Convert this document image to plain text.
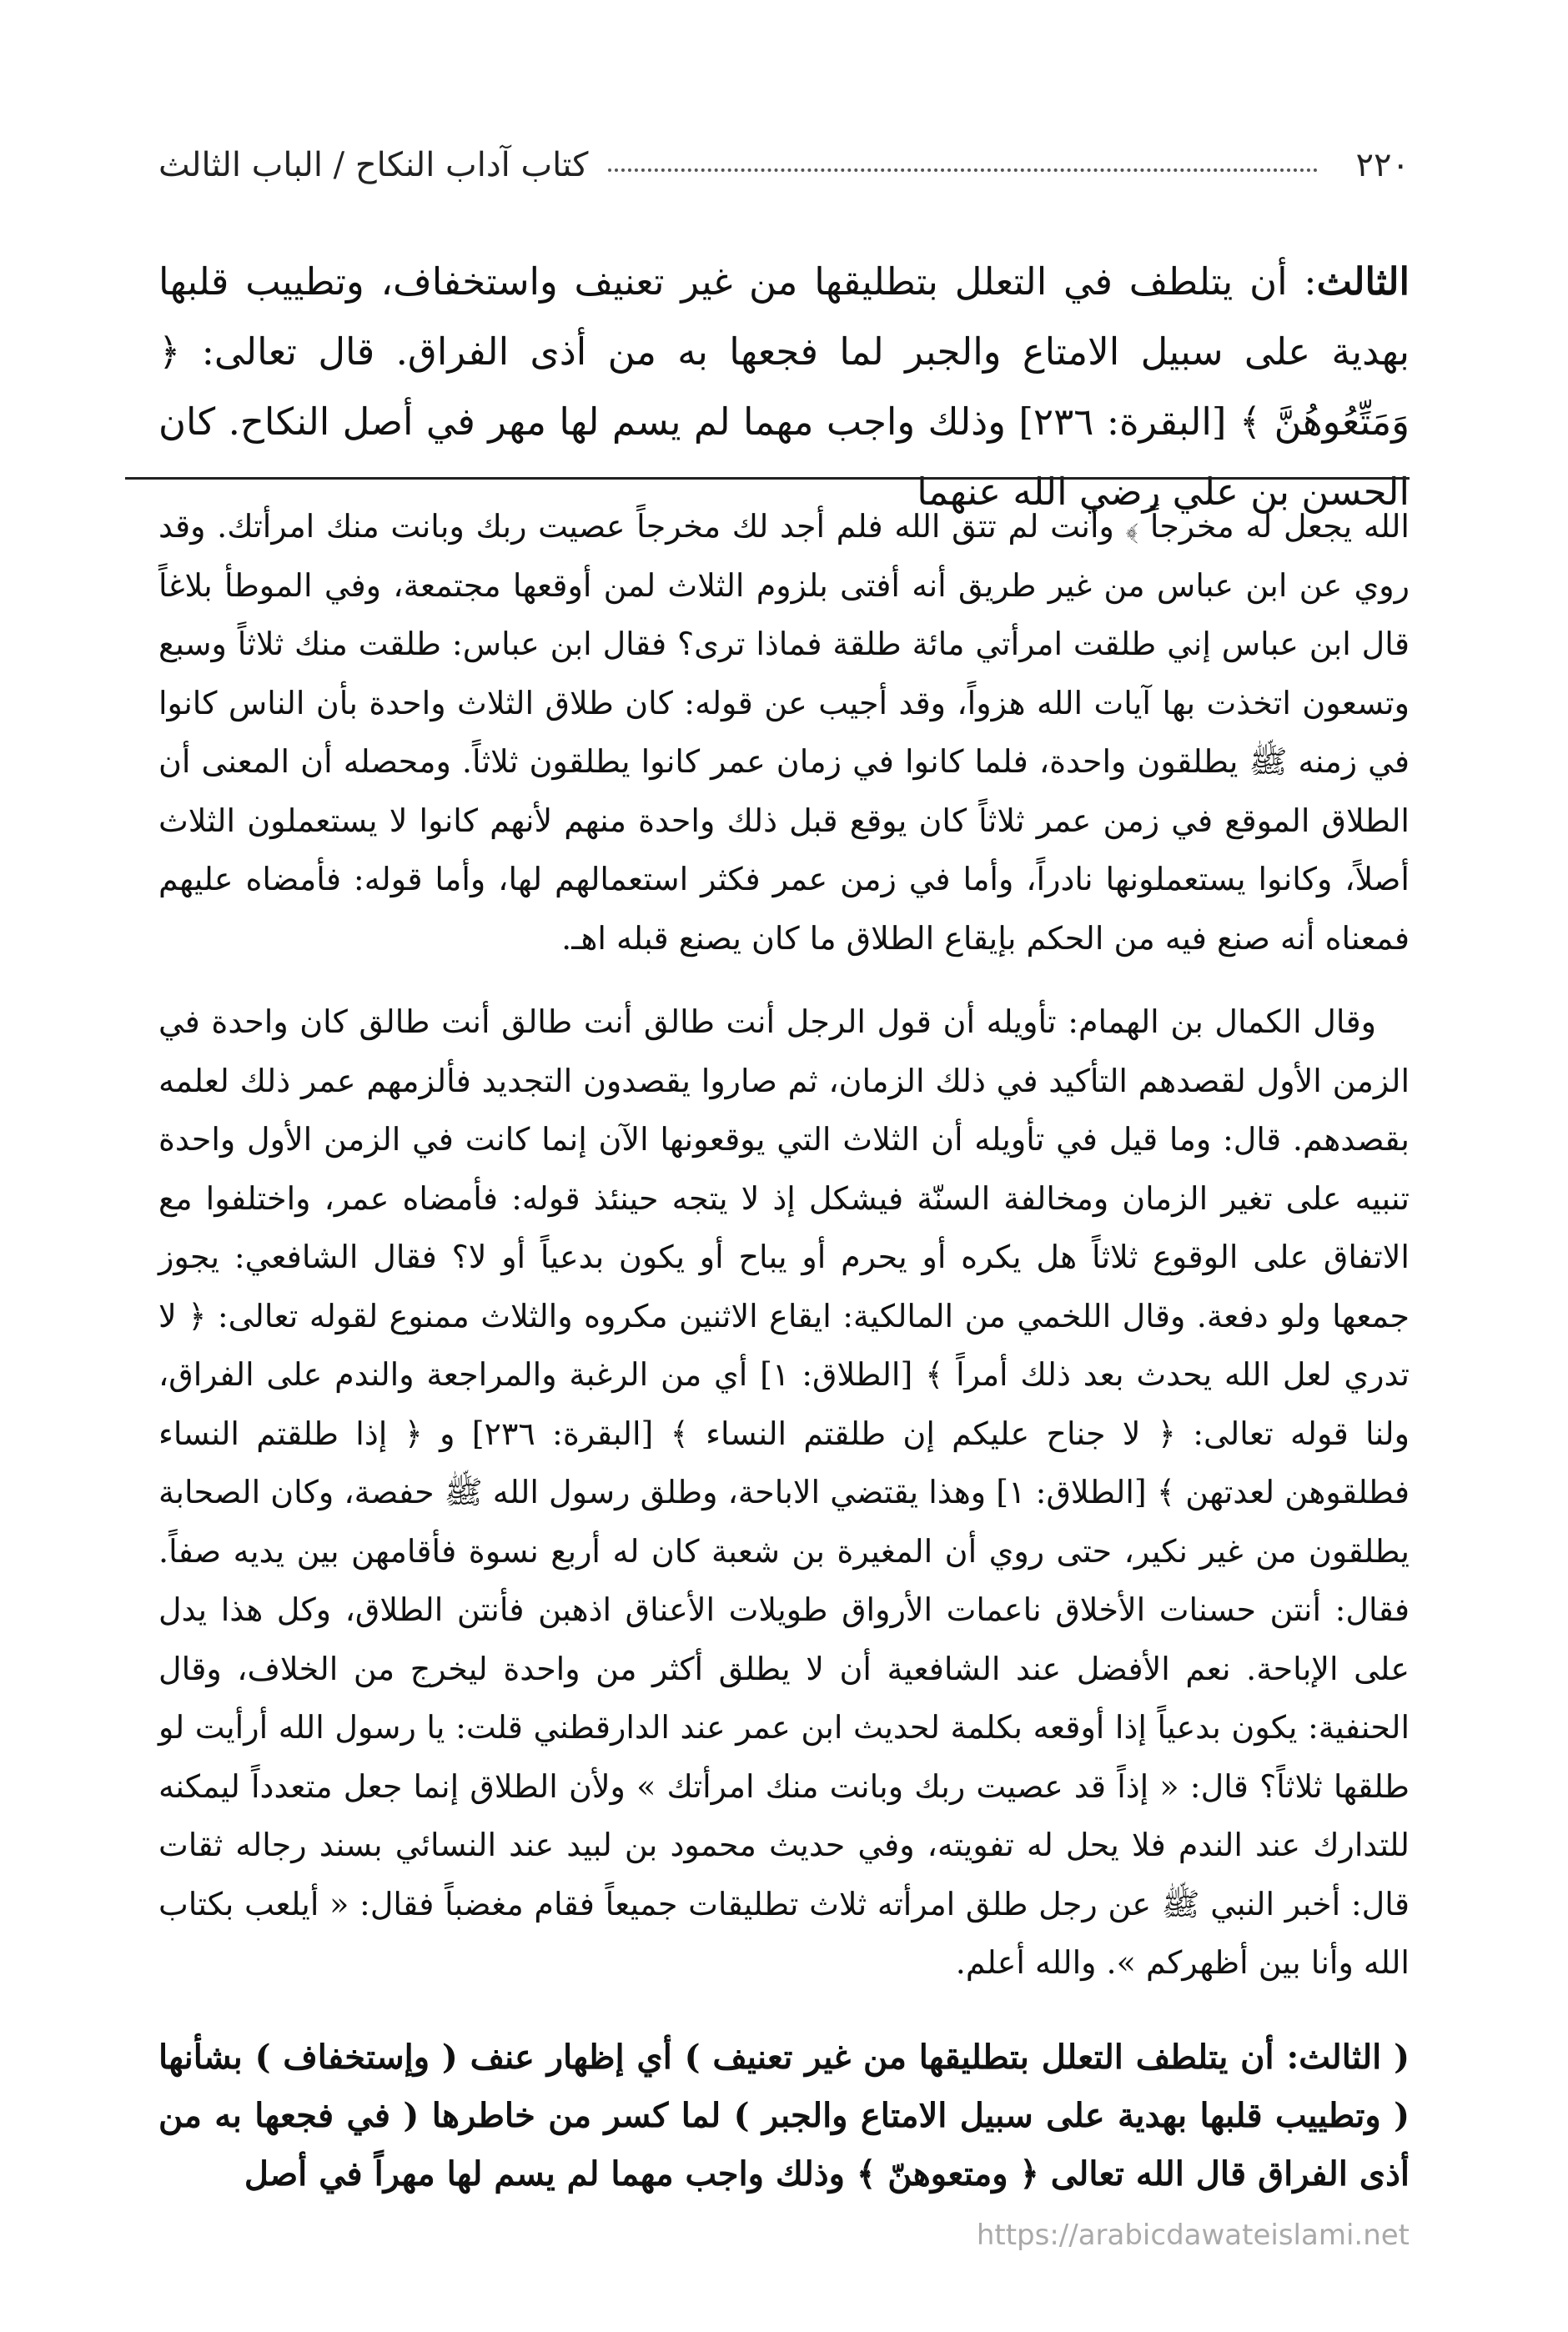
٢٢٠
كتاب آداب النكاح / الباب الثالث
الثالث: أن يتلطف في التعلل بتطليقها من غير تعنيف واستخفاف، وتطييب قلبها بهدية على سبيل الامتاع والجبر لما فجعها به من أذى الفراق. قال تعالى: ﴿ وَمَتِّعُوهُنَّ ﴾ [البقرة: ٢٣٦] وذلك واجب مهما لم يسم لها مهر في أصل النكاح. كان الحسن بن علي رضي الله عنهما
الله يجعل له مخرجاً ﴾ وأنت لم تتق الله فلم أجد لك مخرجاً عصيت ربك وبانت منك امرأتك. وقد روي عن ابن عباس من غير طريق أنه أفتى بلزوم الثلاث لمن أوقعها مجتمعة، وفي الموطأ بلاغاً قال ابن عباس إني طلقت امرأتي مائة طلقة فماذا ترى؟ فقال ابن عباس: طلقت منك ثلاثاً وسبع وتسعون اتخذت بها آيات الله هزواً، وقد أجيب عن قوله: كان طلاق الثلاث واحدة بأن الناس كانوا في زمنه ﷺ يطلقون واحدة، فلما كانوا في زمان عمر كانوا يطلقون ثلاثاً. ومحصله أن المعنى أن الطلاق الموقع في زمن عمر ثلاثاً كان يوقع قبل ذلك واحدة منهم لأنهم كانوا لا يستعملون الثلاث أصلاً، وكانوا يستعملونها نادراً، وأما في زمن عمر فكثر استعمالهم لها، وأما قوله: فأمضاه عليهم فمعناه أنه صنع فيه من الحكم بإيقاع الطلاق ما كان يصنع قبله اهـ.
وقال الكمال بن الهمام: تأويله أن قول الرجل أنت طالق أنت طالق أنت طالق كان واحدة في الزمن الأول لقصدهم التأكيد في ذلك الزمان، ثم صاروا يقصدون التجديد فألزمهم عمر ذلك لعلمه بقصدهم. قال: وما قيل في تأويله أن الثلاث التي يوقعونها الآن إنما كانت في الزمن الأول واحدة تنبيه على تغير الزمان ومخالفة السنّة فيشكل إذ لا يتجه حينئذ قوله: فأمضاه عمر، واختلفوا مع الاتفاق على الوقوع ثلاثاً هل يكره أو يحرم أو يباح أو يكون بدعياً أو لا؟ فقال الشافعي: يجوز جمعها ولو دفعة. وقال اللخمي من المالكية: ايقاع الاثنين مكروه والثلاث ممنوع لقوله تعالى: ﴿ لا تدري لعل الله يحدث بعد ذلك أمراً ﴾ [الطلاق: ١] أي من الرغبة والمراجعة والندم على الفراق، ولنا قوله تعالى: ﴿ لا جناح عليكم إن طلقتم النساء ﴾ [البقرة: ٢٣٦] و ﴿ إذا طلقتم النساء فطلقوهن لعدتهن ﴾ [الطلاق: ١] وهذا يقتضي الاباحة، وطلق رسول الله ﷺ حفصة، وكان الصحابة يطلقون من غير نكير، حتى روي أن المغيرة بن شعبة كان له أربع نسوة فأقامهن بين يديه صفاً. فقال: أنتن حسنات الأخلاق ناعمات الأرواق طويلات الأعناق اذهبن فأنتن الطلاق، وكل هذا يدل على الإباحة. نعم الأفضل عند الشافعية أن لا يطلق أكثر من واحدة ليخرج من الخلاف، وقال الحنفية: يكون بدعياً إذا أوقعه بكلمة لحديث ابن عمر عند الدارقطني قلت: يا رسول الله أرأيت لو طلقها ثلاثاً؟ قال: « إذاً قد عصيت ربك وبانت منك امرأتك » ولأن الطلاق إنما جعل متعدداً ليمكنه للتدارك عند الندم فلا يحل له تفويته، وفي حديث محمود بن لبيد عند النسائي بسند رجاله ثقات قال: أخبر النبي ﷺ عن رجل طلق امرأته ثلاث تطليقات جميعاً فقام مغضباً فقال: « أيلعب بكتاب الله وأنا بين أظهركم ». والله أعلم.
( الثالث: أن يتلطف التعلل بتطليقها من غير تعنيف ) أي إظهار عنف ( وإستخفاف ) بشأنها ( وتطييب قلبها بهدية على سبيل الامتاع والجبر ) لما كسر من خاطرها ( في فجعها به من أذى الفراق قال الله تعالى ﴿ ومتعوهنّ ﴾ وذلك واجب مهما لم يسم لها مهراً في أصل
https://arabicdawateislami.net
